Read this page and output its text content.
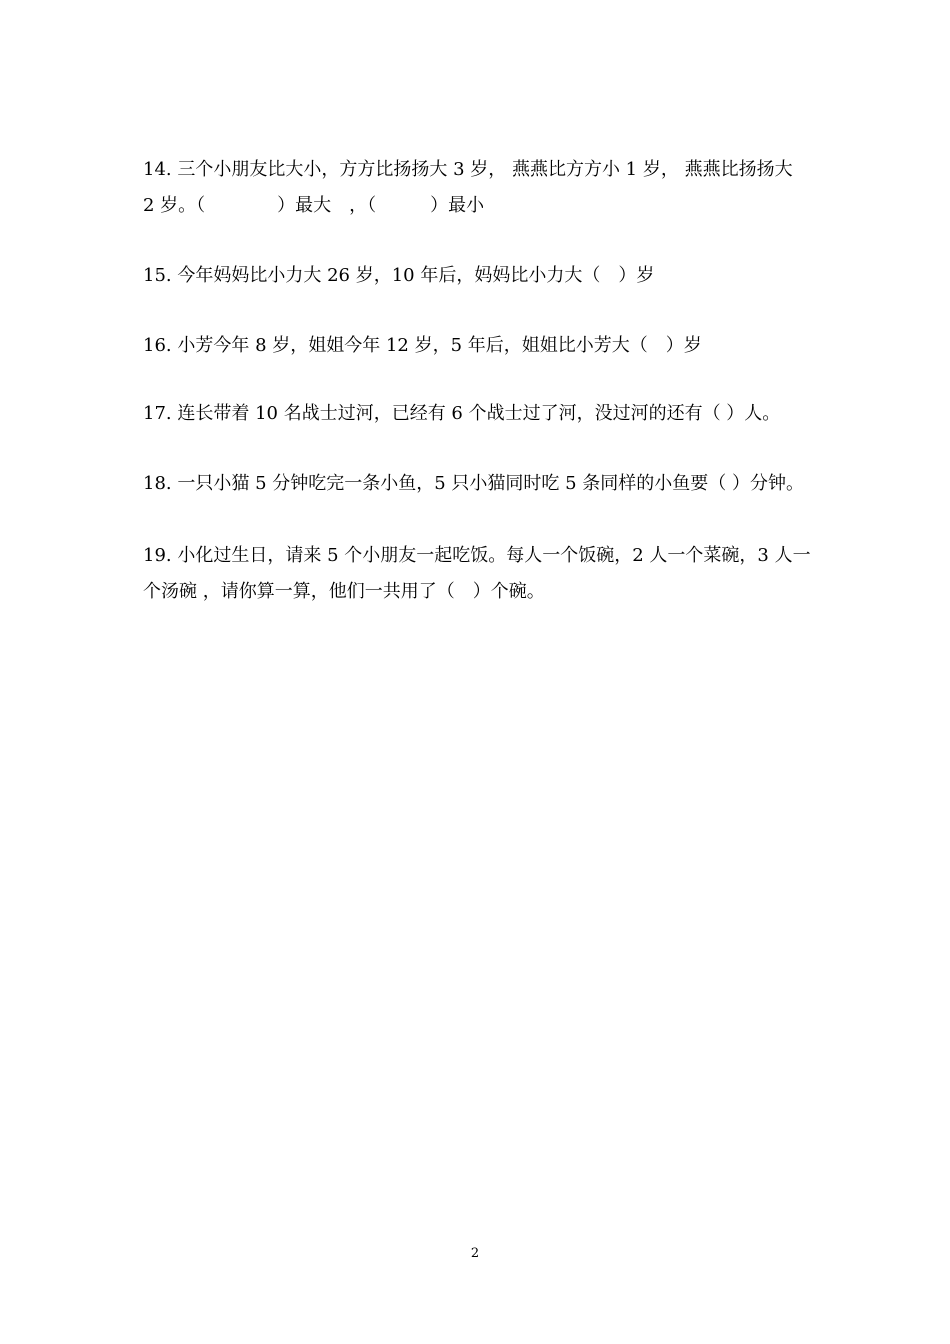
14. 三个小朋友比大小，方方比扬扬大 3 岁， 燕燕比方方小 1 岁， 燕燕比扬扬大
2 岁。（　　　　）最大　，（　　　）最小
15. 今年妈妈比小力大 26 岁，10 年后，妈妈比小力大（　）岁
16. 小芳今年 8 岁，姐姐今年 12 岁，5 年后，姐姐比小芳大（　）岁
17. 连长带着 10 名战士过河，已经有 6 个战士过了河，没过河的还有（ ）人。
18. 一只小猫 5 分钟吃完一条小鱼，5 只小猫同时吃 5 条同样的小鱼要（ ）分钟。
19. 小化过生日，请来 5 个小朋友一起吃饭。每人一个饭碗，2 人一个菜碗，3 人一
个汤碗 ，请你算一算，他们一共用了（　）个碗。
2
